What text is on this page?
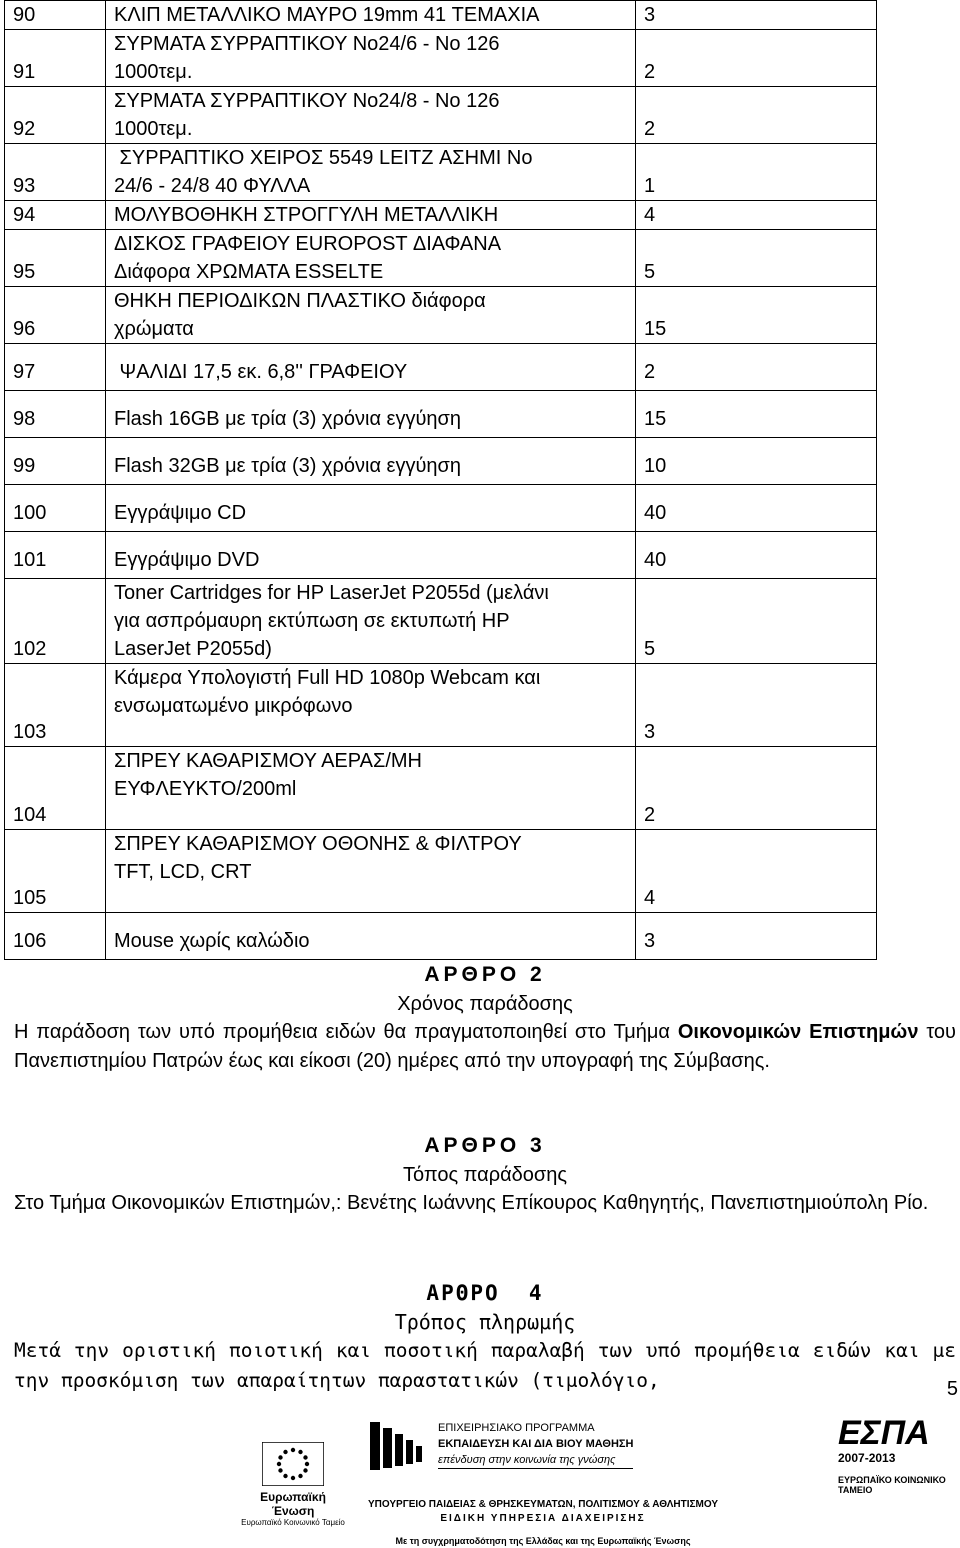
90	ΚΛΙΠ ΜΕΤΑΛΛΙΚΟ ΜΑΥΡΟ 19mm 41 ΤΕΜΑΧΙΑ	3
91	ΣΥΡΜΑΤΑ ΣΥΡΡΑΠΤΙΚΟΥ Νο24/6 - Νο 126
1000τεμ.	2
92	ΣΥΡΜΑΤΑ ΣΥΡΡΑΠΤΙΚΟΥ Νο24/8 - Νο 126
1000τεμ.	2
93	ΣΥΡΡΑΠΤΙΚΟ ΧΕΙΡΟΣ 5549 LEITZ ΑΣΗΜΙ Νο
24/6 - 24/8 40 ΦΥΛΛΑ	1
94	ΜΟΛΥΒΟΘΗΚΗ ΣΤΡΟΓΓΥΛΗ ΜΕΤΑΛΛΙΚΗ	4
95	ΔΙΣΚΟΣ ΓΡΑΦΕΙΟΥ EUROPOST ΔΙΑΦΑΝΑ
Διάφορα ΧΡΩΜΑΤΑ ESSELTE	5
96	ΘΗΚΗ ΠΕΡΙΟΔΙΚΩΝ ΠΛΑΣΤΙΚΟ διάφορα
χρώματα	15
97	ΨΑΛΙΔΙ 17,5 εκ. 6,8'' ΓΡΑΦΕΙΟΥ	2
98	Flash 16GB με τρία (3) χρόνια εγγύηση	15
99	Flash 32GB με τρία (3) χρόνια εγγύηση	10
100	Εγγράψιμο CD	40
101	Εγγράψιμο DVD	40
102	Toner Cartridges for HP LaserJet P2055d (μελάνι
για ασπρόμαυρη εκτύπωση σε εκτυπωτή HP
LaserJet P2055d)	5
103	Κάμερα Υπολογιστή Full HD 1080p Webcam και
ενσωματωμένο μικρόφωνο	3
104	ΣΠΡΕΥ ΚΑΘΑΡΙΣΜΟΥ ΑΕΡΑΣ/ΜΗ
ΕΥΦΛΕΥΚΤΟ/200ml	2
105	ΣΠΡΕΥ ΚΑΘΑΡΙΣΜΟΥ ΟΘΟΝΗΣ & ΦΙΛΤΡΟΥ
TFT, LCD, CRT	4
106	Mouse χωρίς καλώδιο	3
ΑΡΘΡΟ 2
Χρόνος παράδοσης
Η παράδοση των υπό προμήθεια ειδών θα πραγματοποιηθεί στο Τμήμα Οικονομικών Επιστημών του Πανεπιστημίου Πατρών έως και είκοσι (20) ημέρες από την υπογραφή της Σύμβασης.
ΑΡΘΡΟ 3
Τόπος παράδοσης
Στο Τμήμα Οικονομικών Επιστημών,: Βενέτης Ιωάννης Επίκουρος Καθηγητής, Πανεπιστημιούπολη Ρίο.
ΑΡΘΡΟ  4
Τρόπος πληρωμής
Μετά την οριστική ποιοτική και ποσοτική παραλαβή των υπό προμήθεια ειδών και με την προσκόμιση των απαραίτητων παραστατικών (τιμολόγιο,	5
Ευρωπαϊκή Ένωση
Ευρωπαϊκό Κοινωνικό Ταμείο
ΕΠΙΧΕΙΡΗΣΙΑΚΟ ΠΡΟΓΡΑΜΜΑ
ΕΚΠΑΙΔΕΥΣΗ ΚΑΙ ΔΙΑ ΒΙΟΥ ΜΑΘΗΣΗ
επένδυση στην κοινωνία της γνώσης
ΥΠΟΥΡΓΕΙΟ ΠΑΙΔΕΙΑΣ & ΘΡΗΣΚΕΥΜΑΤΩΝ, ΠΟΛΙΤΙΣΜΟΥ & ΑΘΛΗΤΙΣΜΟΥ
ΕΙΔΙΚΗ ΥΠΗΡΕΣΙΑ ΔΙΑΧΕΙΡΙΣΗΣ
Με τη συγχρηματοδότηση της Ελλάδας και της Ευρωπαϊκής Ένωσης
ΕΣΠΑ
2007-2013
ΕΥΡΩΠΑΪΚΟ ΚΟΙΝΩΝΙΚΟ ΤΑΜΕΙΟ
